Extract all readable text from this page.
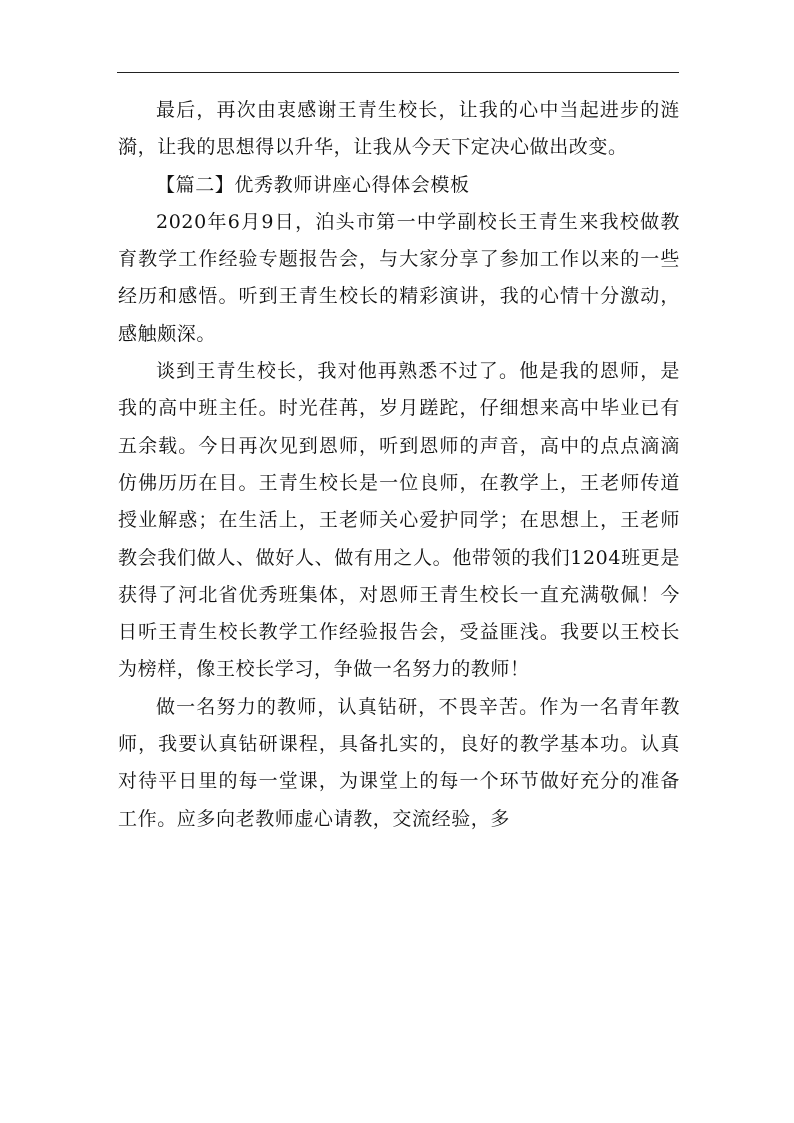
最后，再次由衷感谢王青生校长，让我的心中当起进步的涟漪，让我的思想得以升华，让我从今天下定决心做出改变。

【篇二】优秀教师讲座心得体会模板

2020年6月9日，泊头市第一中学副校长王青生来我校做教育教学工作经验专题报告会，与大家分享了参加工作以来的一些经历和感悟。听到王青生校长的精彩演讲，我的心情十分激动，感触颇深。

谈到王青生校长，我对他再熟悉不过了。他是我的恩师，是我的高中班主任。时光荏苒，岁月蹉跎，仔细想来高中毕业已有五余载。今日再次见到恩师，听到恩师的声音，高中的点点滴滴仿佛历历在目。王青生校长是一位良师，在教学上，王老师传道授业解惑；在生活上，王老师关心爱护同学；在思想上，王老师教会我们做人、做好人、做有用之人。他带领的我们1204班更是获得了河北省优秀班集体，对恩师王青生校长一直充满敬佩！今日听王青生校长教学工作经验报告会，受益匪浅。我要以王校长为榜样，像王校长学习，争做一名努力的教师！

做一名努力的教师，认真钻研，不畏辛苦。作为一名青年教师，我要认真钻研课程，具备扎实的，良好的教学基本功。认真对待平日里的每一堂课，为课堂上的每一个环节做好充分的准备工作。应多向老教师虚心请教，交流经验，多
